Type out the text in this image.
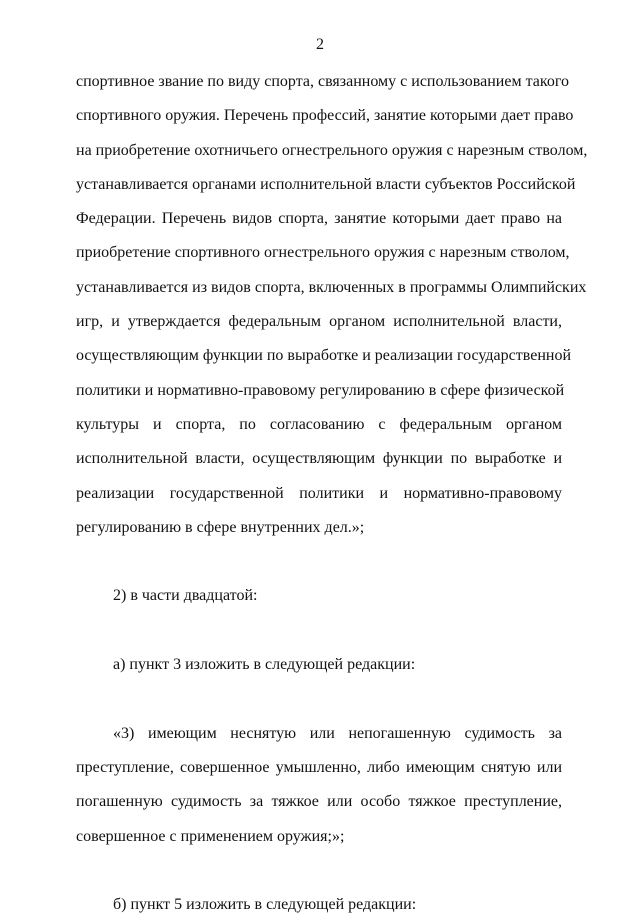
2
спортивное звание по виду спорта, связанному с использованием такого
спортивного оружия. Перечень профессий, занятие которыми дает право
на приобретение охотничьего огнестрельного оружия с нарезным стволом,
устанавливается органами исполнительной власти субъектов Российской
Федерации. Перечень видов спорта, занятие которыми дает право на
приобретение спортивного огнестрельного оружия с нарезным стволом,
устанавливается из видов спорта, включенных в программы Олимпийских
игр, и утверждается федеральным органом исполнительной власти,
осуществляющим функции по выработке и реализации государственной
политики и нормативно-правовому регулированию в сфере физической
культуры и спорта, по согласованию с федеральным органом
исполнительной власти, осуществляющим функции по выработке и
реализации государственной политики и нормативно-правовому
регулированию в сфере внутренних дел.»;
2) в части двадцатой:
а) пункт 3 изложить в следующей редакции:
«3) имеющим неснятую или непогашенную судимость за
преступление, совершенное умышленно, либо имеющим снятую или
погашенную судимость за тяжкое или особо тяжкое преступление,
совершенное с применением оружия;»;
б) пункт 5 изложить в следующей редакции:
